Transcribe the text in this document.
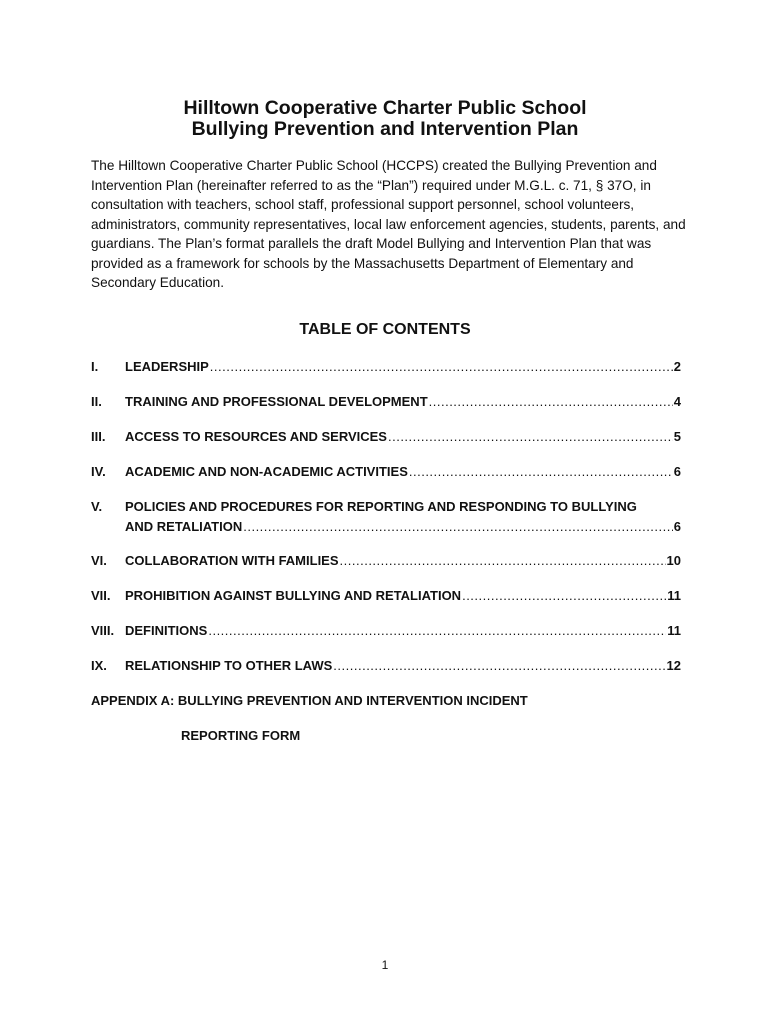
Hilltown Cooperative Charter Public School
Bullying Prevention and Intervention Plan

The Hilltown Cooperative Charter Public School (HCCPS) created the Bullying Prevention and Intervention Plan (hereinafter referred to as the “Plan”) required under M.G.L. c. 71, § 37O, in consultation with teachers, school staff, professional support personnel, school volunteers, administrators, community representatives, local law enforcement agencies, students, parents, and guardians. The Plan’s format parallels the draft Model Bullying and Intervention Plan that was provided as a framework for schools by the Massachusetts Department of Elementary and Secondary Education.

TABLE OF CONTENTS
I. LEADERSHIP .....	2
II. TRAINING AND PROFESSIONAL DEVELOPMENT .....	4
III. ACCESS TO RESOURCES AND SERVICES .....	5
IV. ACADEMIC AND NON-ACADEMIC ACTIVITIES .....	6
V. POLICIES AND PROCEDURES FOR REPORTING AND RESPONDING TO BULLYING
AND RETALIATION .....	6
VI. COLLABORATION WITH FAMILIES .....	10
VII. PROHIBITION AGAINST BULLYING AND RETALIATION .....	11
VIII. DEFINITIONS .....	11
IX. RELATIONSHIP TO OTHER LAWS .....	12
APPENDIX A: BULLYING PREVENTION AND INTERVENTION INCIDENT
REPORTING FORM
1
